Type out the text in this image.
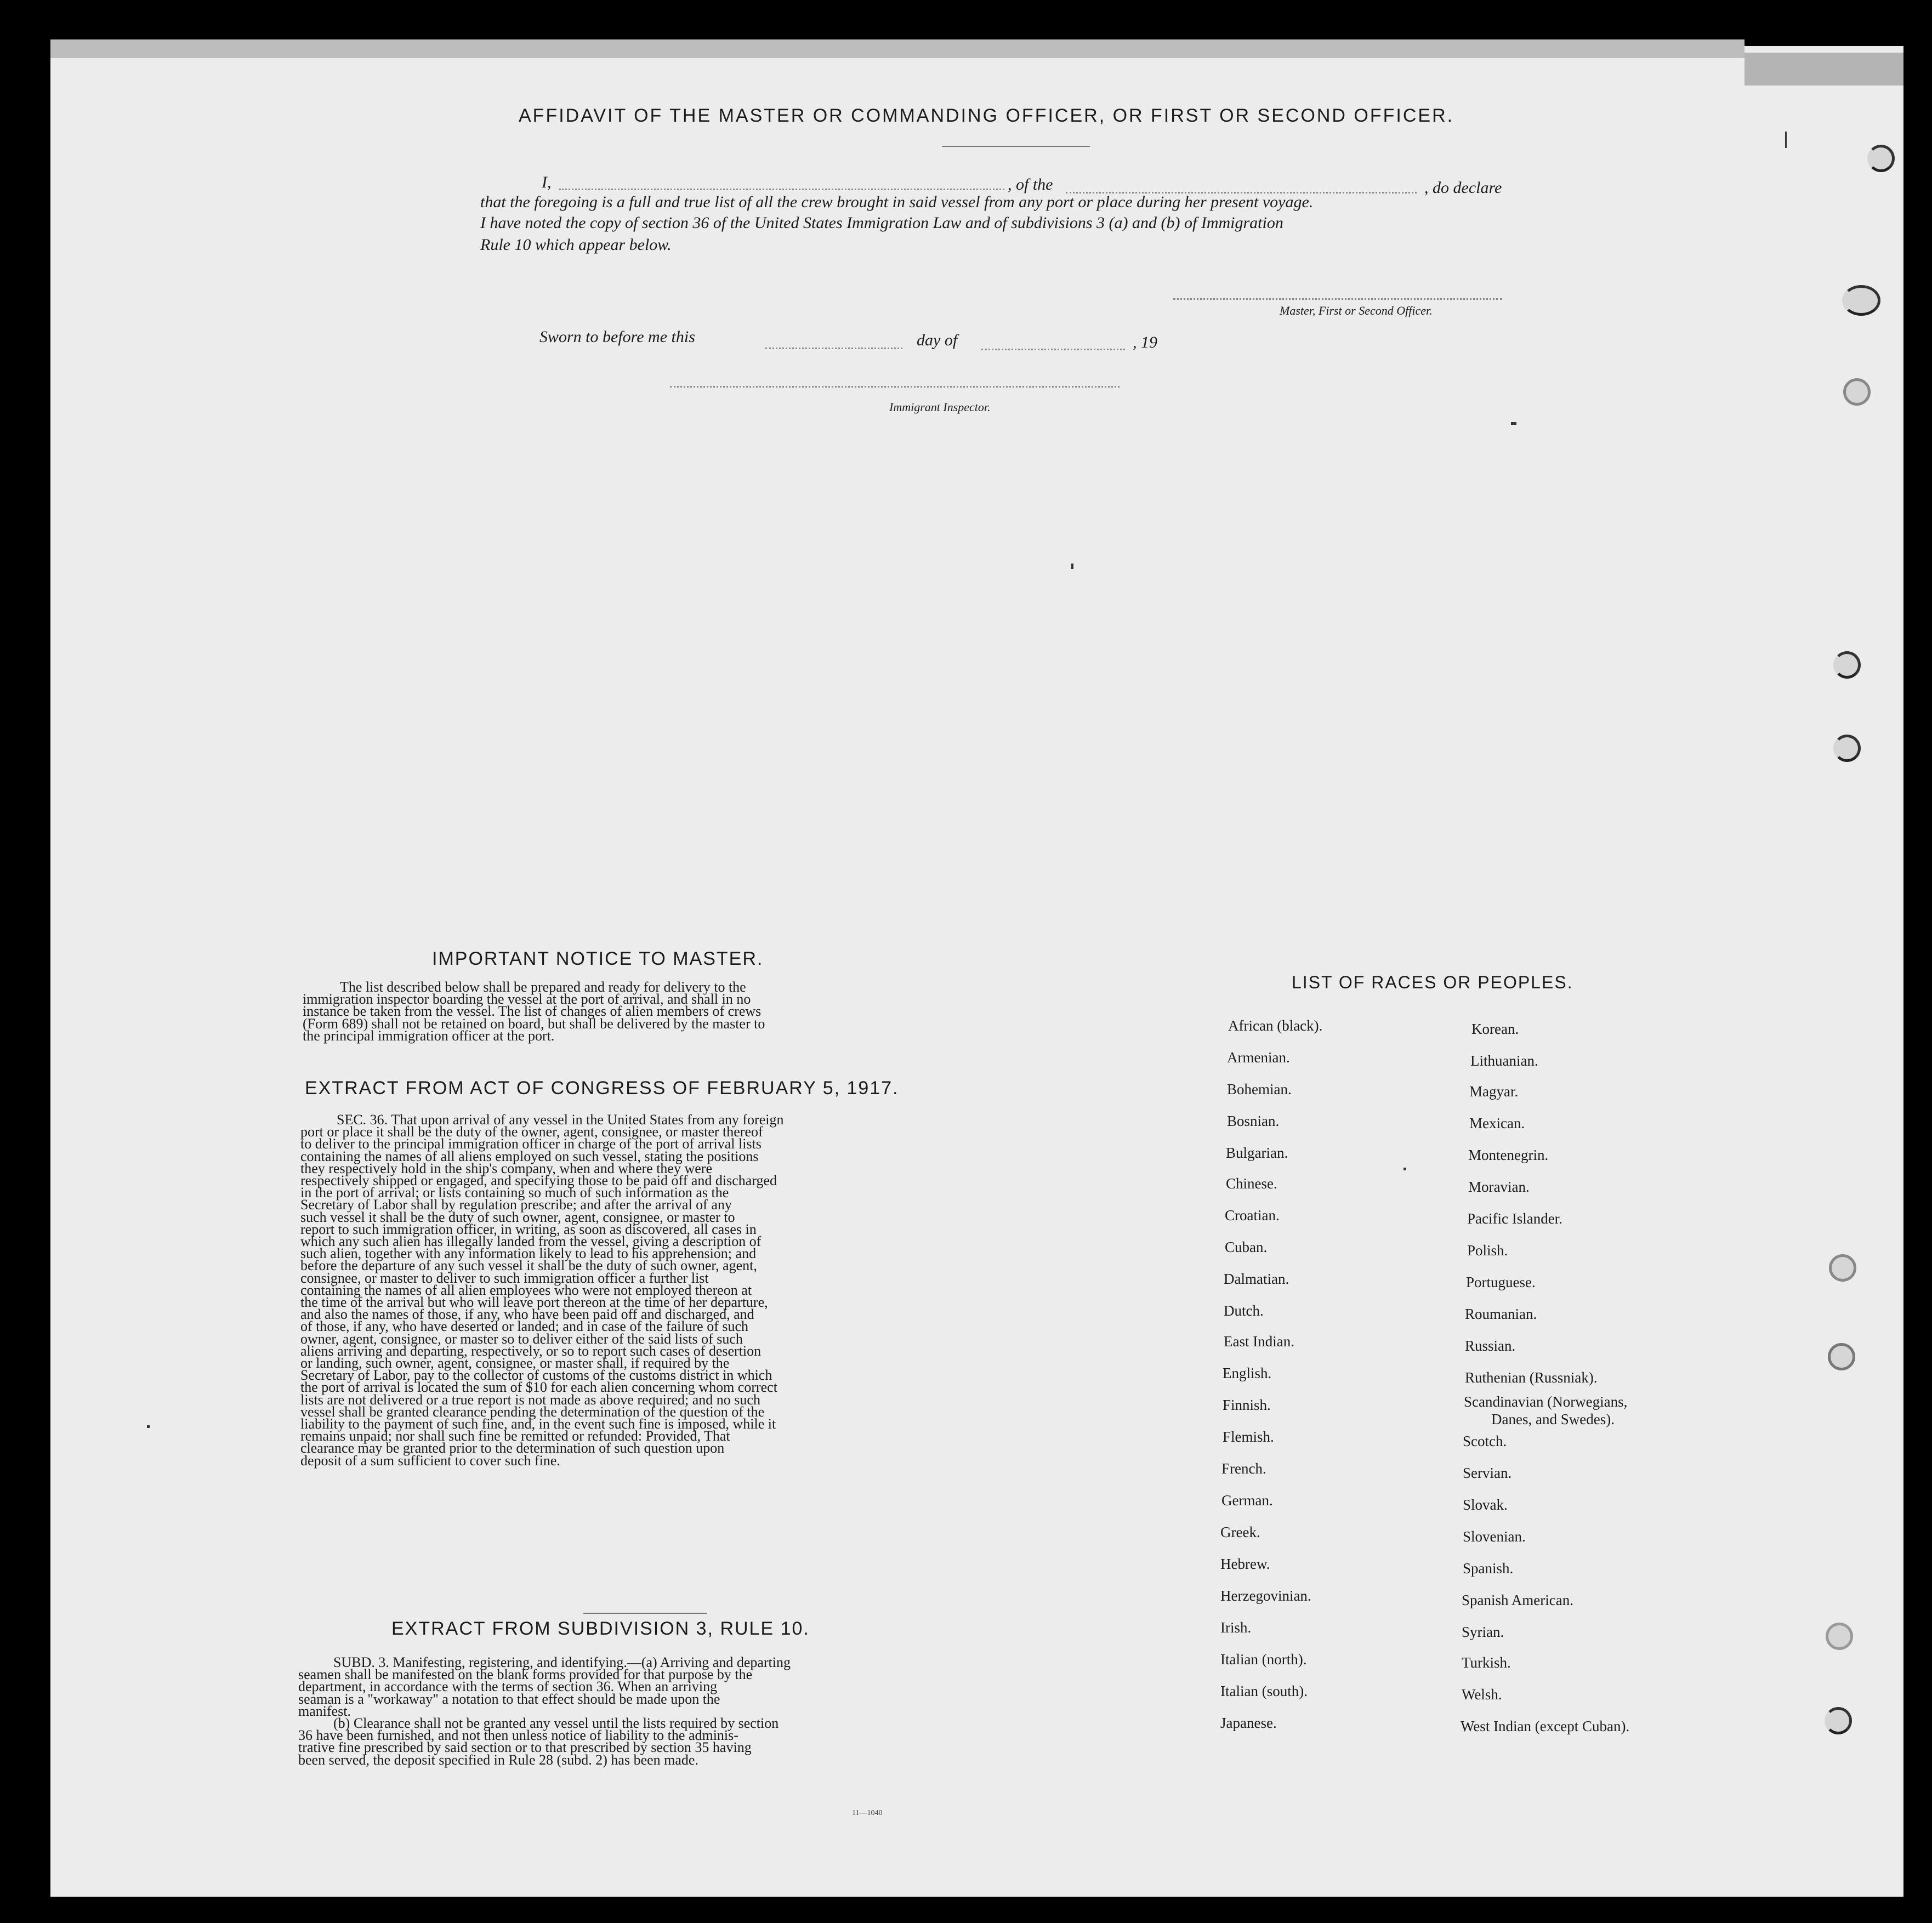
AFFIDAVIT OF THE MASTER OR COMMANDING OFFICER, OR FIRST OR SECOND OFFICER.
I,	, of the	, do declare
that the foregoing is a full and true list of all the crew brought in said vessel from any port or place during her present voyage.
I have noted the copy of section 36 of the United States Immigration Law and of subdivisions 3 (a) and (b) of Immigration
Rule 10 which appear below.
Master, First or Second Officer.
Sworn to before me this	day of	, 19
Immigrant Inspector.
IMPORTANT NOTICE TO MASTER.
The list described below shall be prepared and ready for delivery to the
immigration inspector boarding the vessel at the port of arrival, and shall in no
instance be taken from the vessel. The list of changes of alien members of crews
(Form 689) shall not be retained on board, but shall be delivered by the master to
the principal immigration officer at the port.
EXTRACT FROM ACT OF CONGRESS OF FEBRUARY 5, 1917.
SEC. 36. That upon arrival of any vessel in the United States from any foreign
port or place it shall be the duty of the owner, agent, consignee, or master thereof
to deliver to the principal immigration officer in charge of the port of arrival lists
containing the names of all aliens employed on such vessel, stating the positions
they respectively hold in the ship's company, when and where they were
respectively shipped or engaged, and specifying those to be paid off and discharged
in the port of arrival; or lists containing so much of such information as the
Secretary of Labor shall by regulation prescribe; and after the arrival of any
such vessel it shall be the duty of such owner, agent, consignee, or master to
report to such immigration officer, in writing, as soon as discovered, all cases in
which any such alien has illegally landed from the vessel, giving a description of
such alien, together with any information likely to lead to his apprehension; and
before the departure of any such vessel it shall be the duty of such owner, agent,
consignee, or master to deliver to such immigration officer a further list
containing the names of all alien employees who were not employed thereon at
the time of the arrival but who will leave port thereon at the time of her departure,
and also the names of those, if any, who have been paid off and discharged, and
of those, if any, who have deserted or landed; and in case of the failure of such
owner, agent, consignee, or master so to deliver either of the said lists of such
aliens arriving and departing, respectively, or so to report such cases of desertion
or landing, such owner, agent, consignee, or master shall, if required by the
Secretary of Labor, pay to the collector of customs of the customs district in which
the port of arrival is located the sum of $10 for each alien concerning whom correct
lists are not delivered or a true report is not made as above required; and no such
vessel shall be granted clearance pending the determination of the question of the
liability to the payment of such fine, and, in the event such fine is imposed, while it
remains unpaid; nor shall such fine be remitted or refunded: Provided, That
clearance may be granted prior to the determination of such question upon
deposit of a sum sufficient to cover such fine.
EXTRACT FROM SUBDIVISION 3, RULE 10.
SUBD. 3. Manifesting, registering, and identifying.—(a) Arriving and departing
seamen shall be manifested on the blank forms provided for that purpose by the
department, in accordance with the terms of section 36. When an arriving
seaman is a "workaway" a notation to that effect should be made upon the
manifest.
(b) Clearance shall not be granted any vessel until the lists required by section
36 have been furnished, and not then unless notice of liability to the adminis-
trative fine prescribed by said section or to that prescribed by section 35 having
been served, the deposit specified in Rule 28 (subd. 2) has been made.
11—1040
LIST OF RACES OR PEOPLES.
African (black).
Armenian.
Bohemian.
Bosnian.
Bulgarian.
Chinese.
Croatian.
Cuban.
Dalmatian.
Dutch.
East Indian.
English.
Finnish.
Flemish.
French.
German.
Greek.
Hebrew.
Herzegovinian.
Irish.
Italian (north).
Italian (south).
Japanese.
Korean.
Lithuanian.
Magyar.
Mexican.
Montenegrin.
Moravian.
Pacific Islander.
Polish.
Portuguese.
Roumanian.
Russian.
Ruthenian (Russniak).
Scandinavian (Norwegians,
Danes, and Swedes).
Scotch.
Servian.
Slovak.
Slovenian.
Spanish.
Spanish American.
Syrian.
Turkish.
Welsh.
West Indian (except Cuban).
